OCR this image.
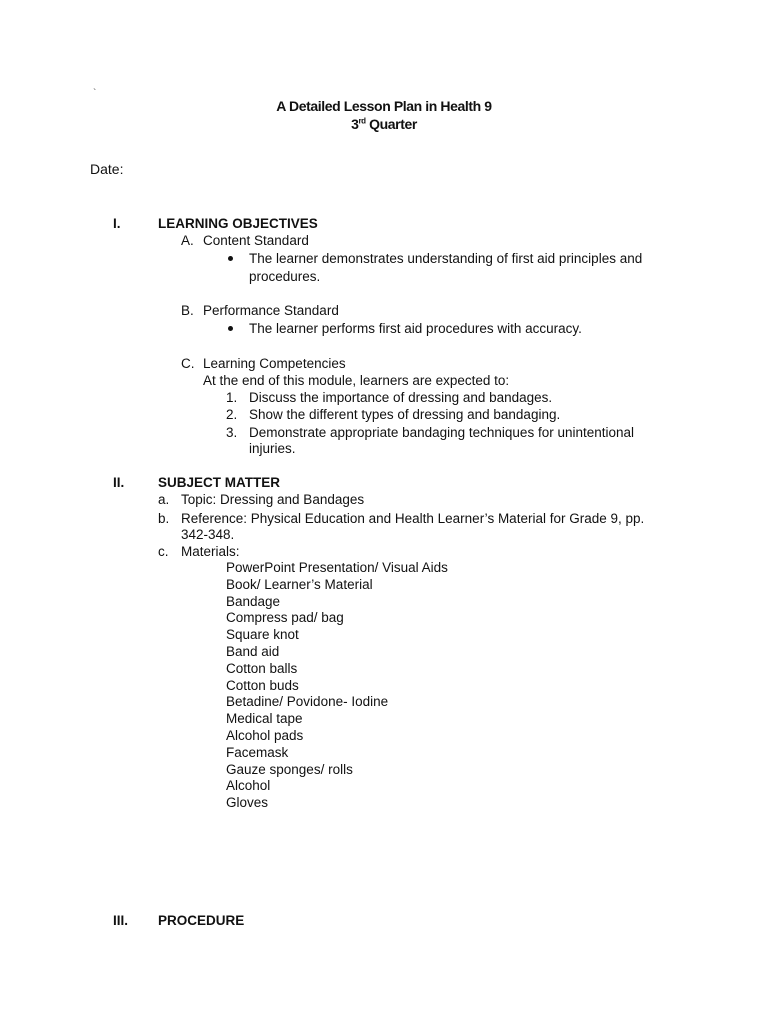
`
A Detailed Lesson Plan in Health 9
3rd Quarter
Date:
I.	LEARNING OBJECTIVES
A. Content Standard
The learner demonstrates understanding of first aid principles and
procedures.
B. Performance Standard
The learner performs first aid procedures with accuracy.
C. Learning Competencies
At the end of this module, learners are expected to:
1. Discuss the importance of dressing and bandages.
2. Show the different types of dressing and bandaging.
3. Demonstrate appropriate bandaging techniques for unintentional
injuries.
II. SUBJECT MATTER
a. Topic: Dressing and Bandages
b. Reference: Physical Education and Health Learner’s Material for Grade 9, pp.
342-348.
c. Materials:
PowerPoint Presentation/ Visual Aids
Book/ Learner’s Material
Bandage
Compress pad/ bag
Square knot
Band aid
Cotton balls
Cotton buds
Betadine/ Povidone- Iodine
Medical tape
Alcohol pads
Facemask
Gauze sponges/ rolls
Alcohol
Gloves
III. PROCEDURE
